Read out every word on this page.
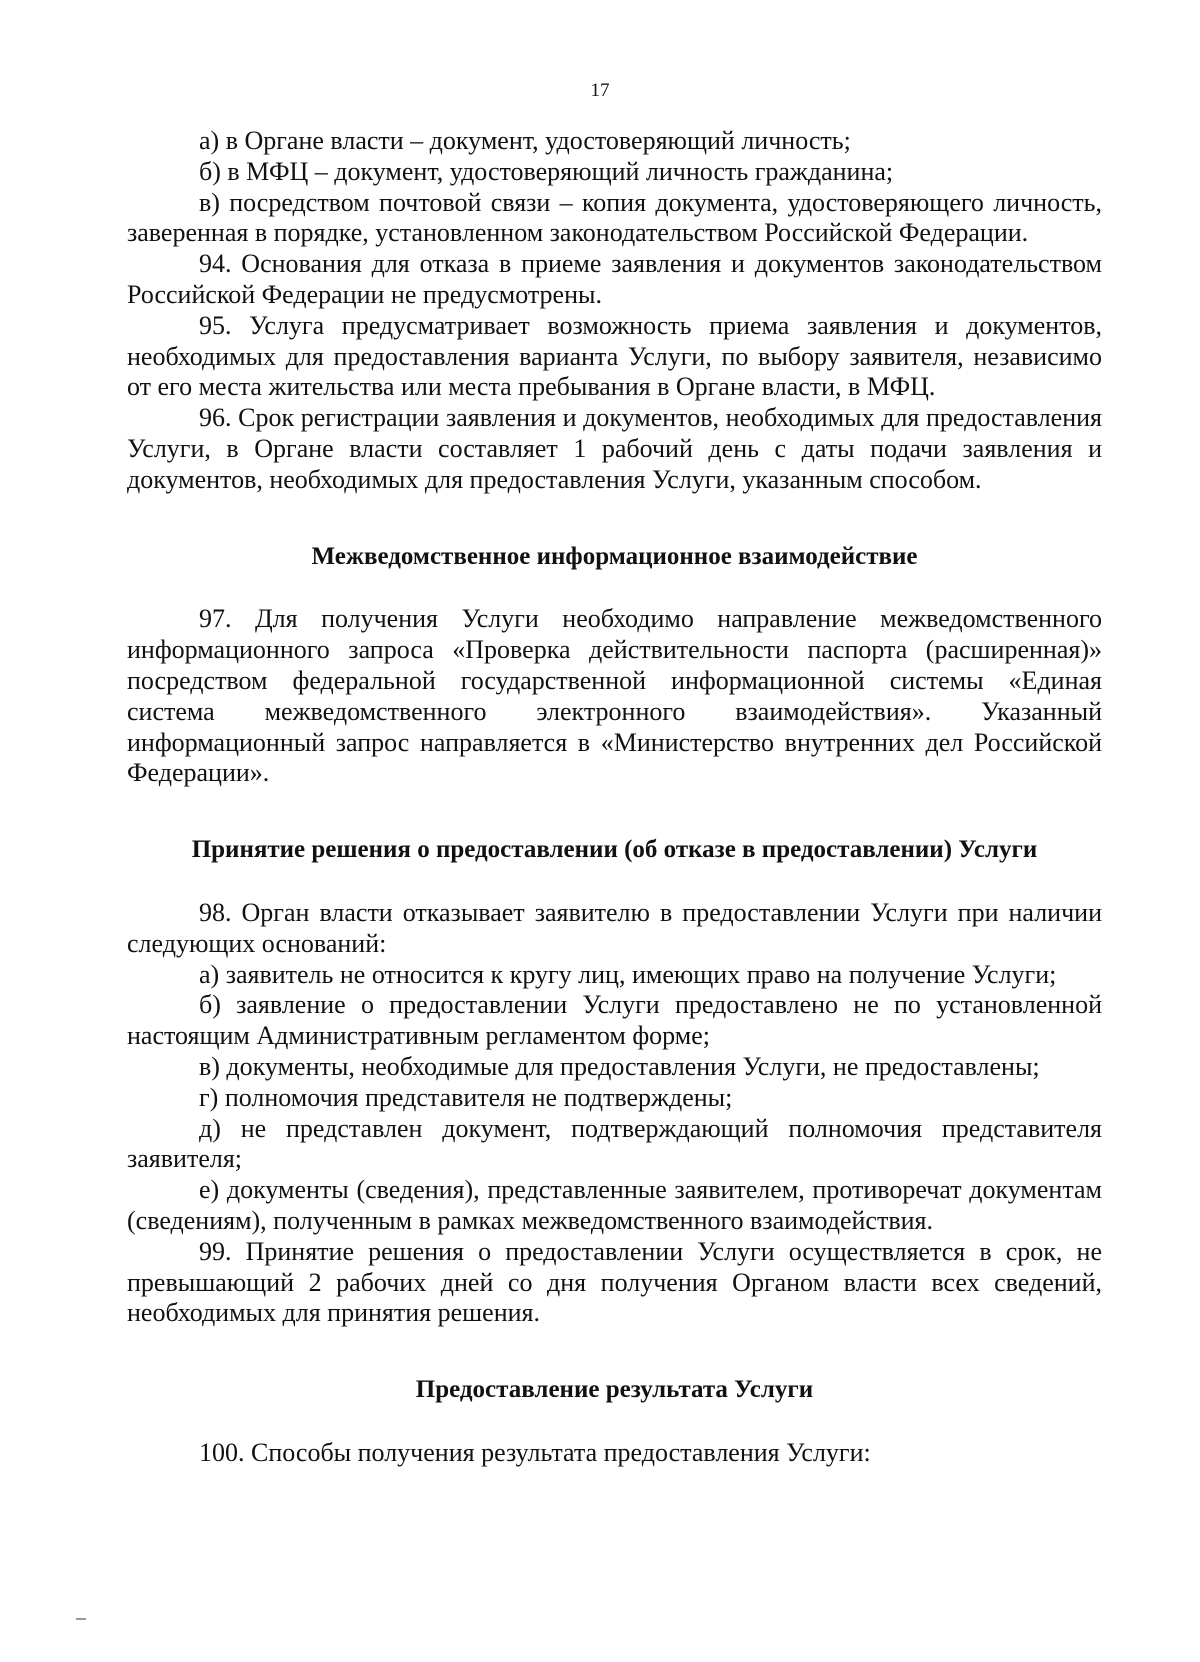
17

а) в Органе власти – документ, удостоверяющий личность;

б) в МФЦ – документ, удостоверяющий личность гражданина;

в) посредством почтовой связи – копия документа, удостоверяющего личность, заверенная в порядке, установленном законодательством Российской Федерации.

94. Основания для отказа в приеме заявления и документов законодательством Российской Федерации не предусмотрены.

95. Услуга предусматривает возможность приема заявления и документов, необходимых для предоставления варианта Услуги, по выбору заявителя, независимо от его места жительства или места пребывания в Органе власти, в МФЦ.

96. Срок регистрации заявления и документов, необходимых для предоставления Услуги, в Органе власти составляет 1 рабочий день с даты подачи заявления и документов, необходимых для предоставления Услуги, указанным способом.

Межведомственное информационное взаимодействие

97. Для получения Услуги необходимо направление межведомственного информационного запроса «Проверка действительности паспорта (расширенная)» посредством федеральной государственной информационной системы «Единая система межведомственного электронного взаимодействия». Указанный информационный запрос направляется в «Министерство внутренних дел Российской Федерации».

Принятие решения о предоставлении (об отказе в предоставлении) Услуги

98. Орган власти отказывает заявителю в предоставлении Услуги при наличии следующих оснований:

а) заявитель не относится к кругу лиц, имеющих право на получение Услуги;

б) заявление о предоставлении Услуги предоставлено не по установленной настоящим Административным регламентом форме;

в) документы, необходимые для предоставления Услуги, не предоставлены;

г) полномочия представителя не подтверждены;

д) не представлен документ, подтверждающий полномочия представителя заявителя;

е) документы (сведения), представленные заявителем, противоречат документам (сведениям), полученным в рамках межведомственного взаимодействия.

99. Принятие решения о предоставлении Услуги осуществляется в срок, не превышающий 2 рабочих дней со дня получения Органом власти всех сведений, необходимых для принятия решения.

Предоставление результата Услуги

100. Способы получения результата предоставления Услуги:
